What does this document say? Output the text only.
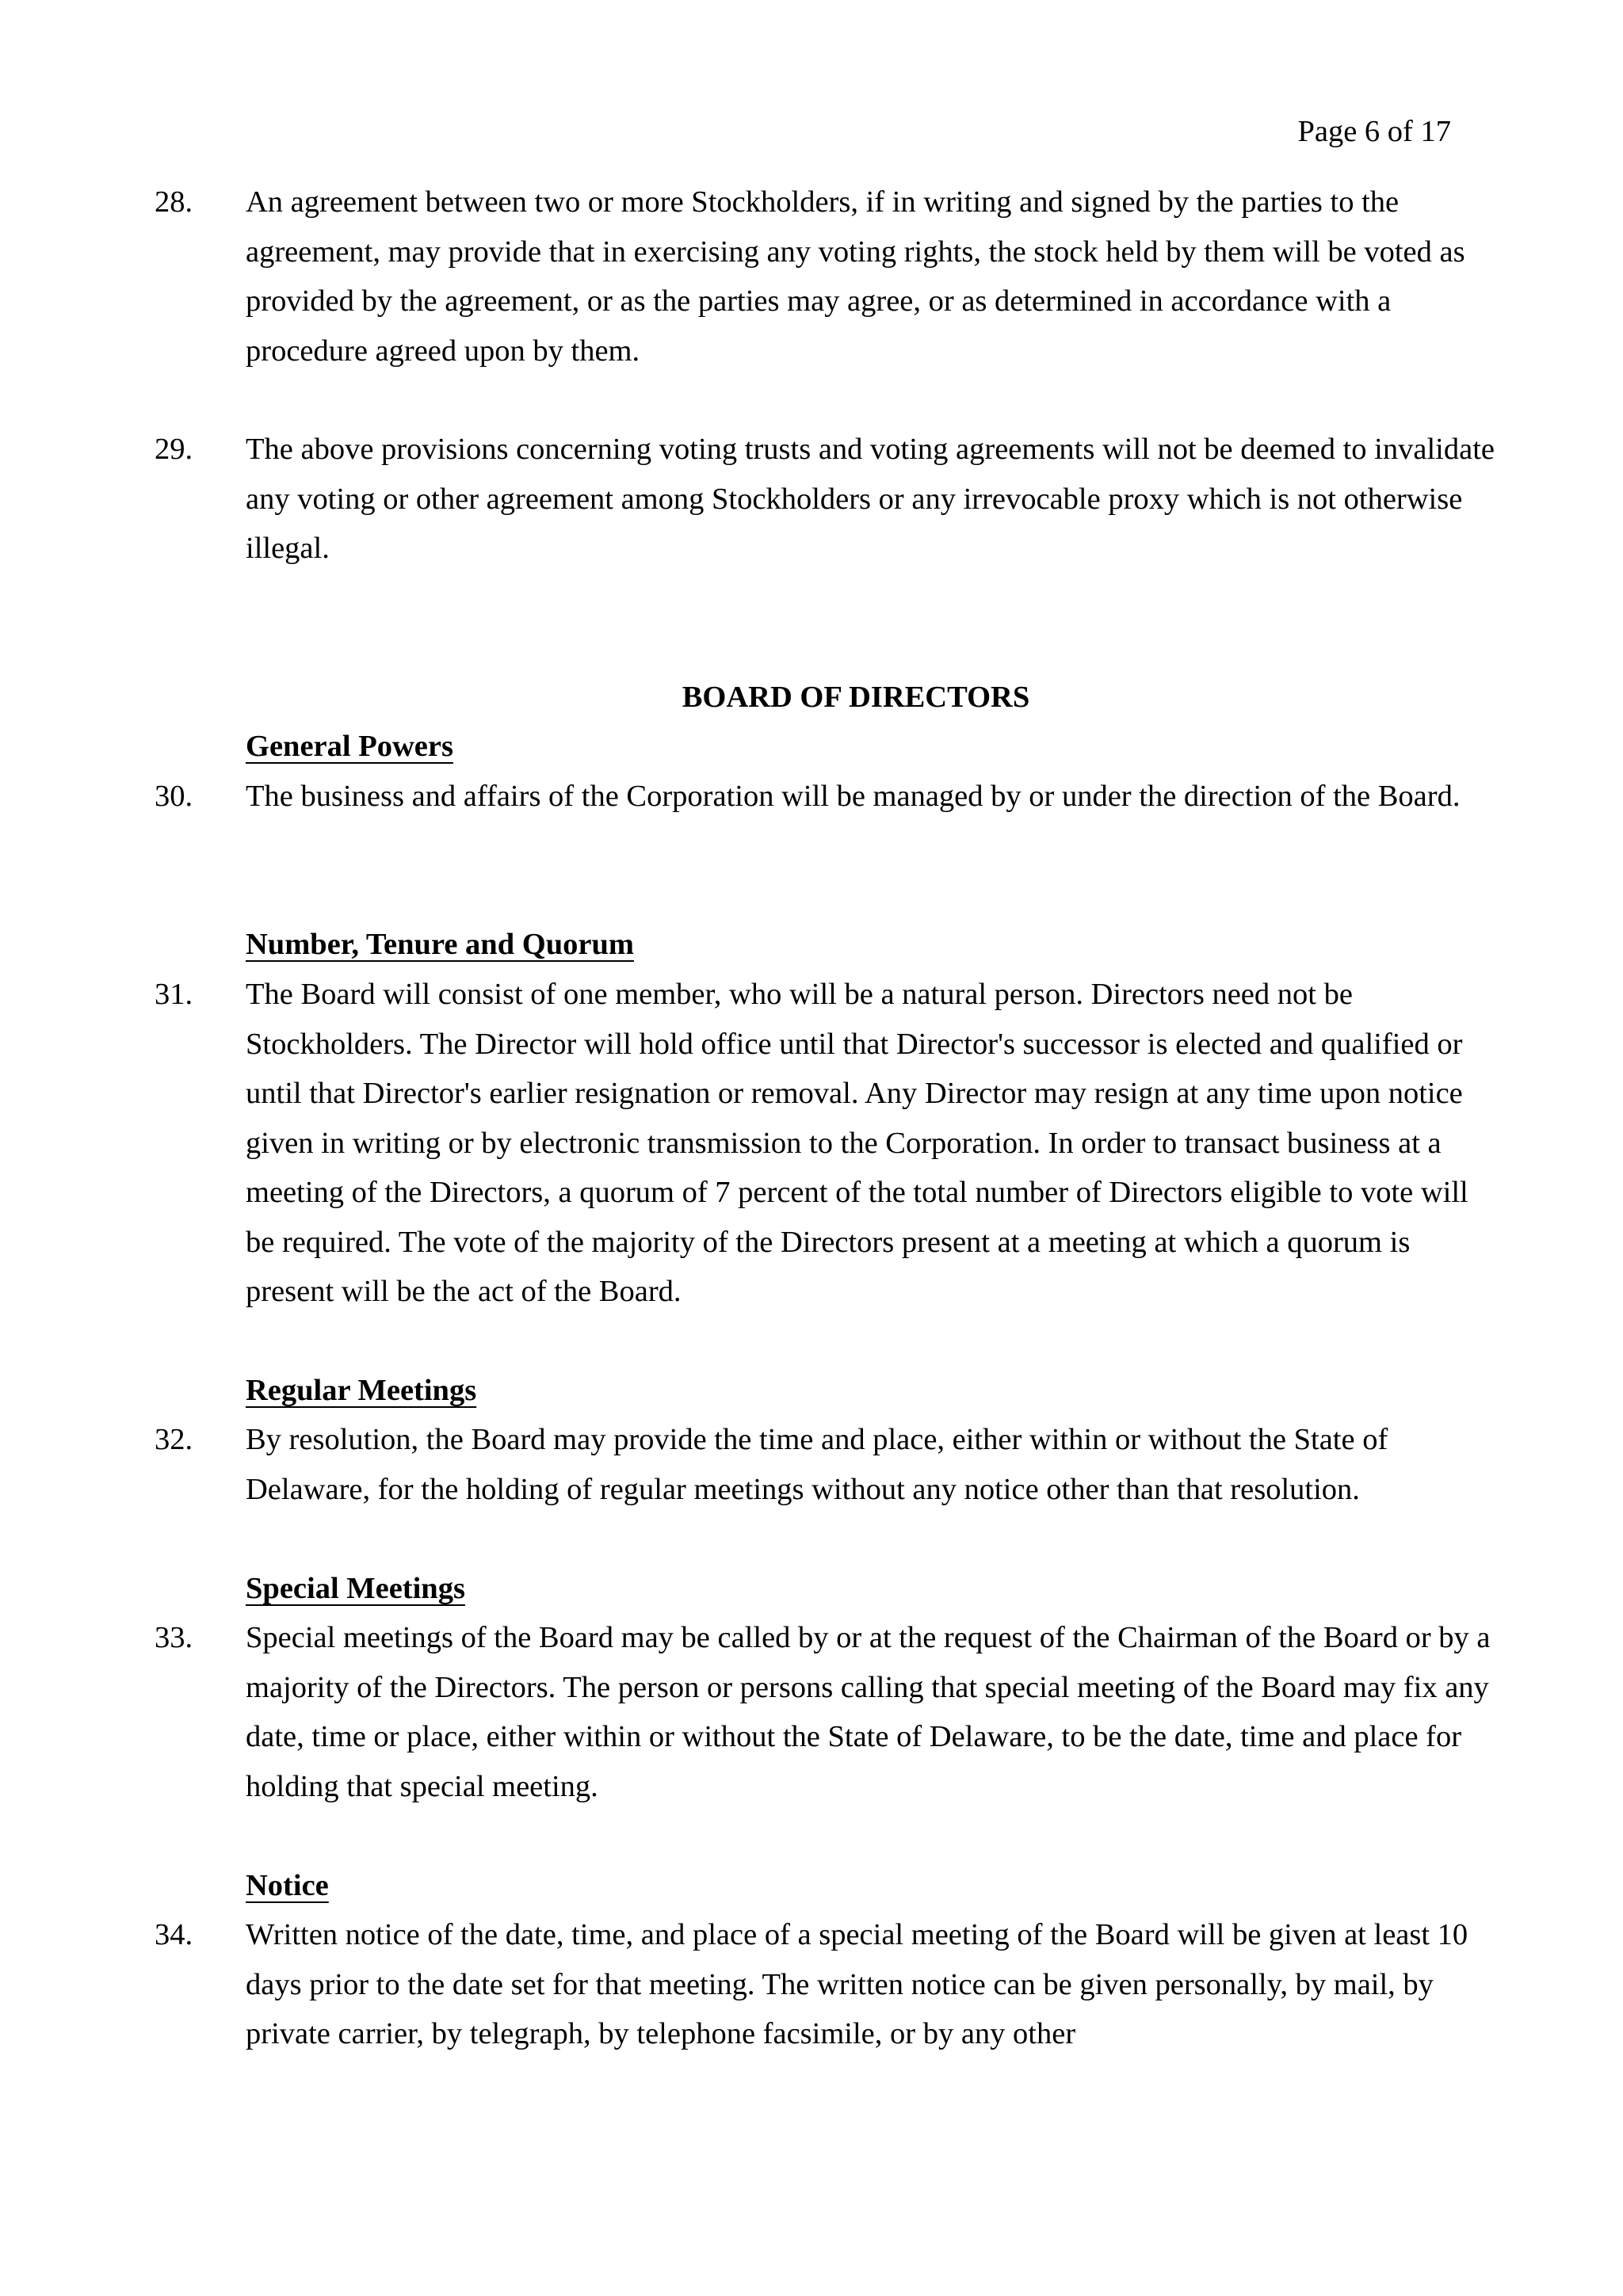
Page 6 of 17
28. An agreement between two or more Stockholders, if in writing and signed by the parties to the agreement, may provide that in exercising any voting rights, the stock held by them will be voted as provided by the agreement, or as the parties may agree, or as determined in accordance with a procedure agreed upon by them.
29. The above provisions concerning voting trusts and voting agreements will not be deemed to invalidate any voting or other agreement among Stockholders or any irrevocable proxy which is not otherwise illegal.
BOARD OF DIRECTORS
General Powers
30. The business and affairs of the Corporation will be managed by or under the direction of the Board.
Number, Tenure and Quorum
31. The Board will consist of one member, who will be a natural person. Directors need not be Stockholders. The Director will hold office until that Director's successor is elected and qualified or until that Director's earlier resignation or removal. Any Director may resign at any time upon notice given in writing or by electronic transmission to the Corporation. In order to transact business at a meeting of the Directors, a quorum of 7 percent of the total number of Directors eligible to vote will be required. The vote of the majority of the Directors present at a meeting at which a quorum is present will be the act of the Board.
Regular Meetings
32. By resolution, the Board may provide the time and place, either within or without the State of Delaware, for the holding of regular meetings without any notice other than that resolution.
Special Meetings
33. Special meetings of the Board may be called by or at the request of the Chairman of the Board or by a majority of the Directors. The person or persons calling that special meeting of the Board may fix any date, time or place, either within or without the State of Delaware, to be the date, time and place for holding that special meeting.
Notice
34. Written notice of the date, time, and place of a special meeting of the Board will be given at least 10 days prior to the date set for that meeting. The written notice can be given personally, by mail, by private carrier, by telegraph, by telephone facsimile, or by any other
